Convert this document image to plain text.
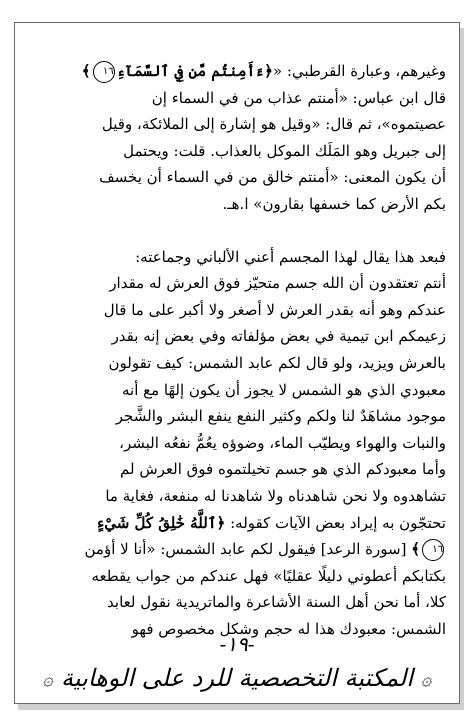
وغيرهم، وعبارة القرطبي: «﴿ءَأَمِنتُم مَّن فِي ٱلسَّمَآءِ١٦﴾
قال ابن عباس: «أمنتم عذاب من في السماء إن
عصيتموه»، ثم قال: «وقيل هو إشارة إلى الملائكة، وقيل
إلى جبريل وهو المَلَك الموكل بالعذاب. قلت: ويحتمل
أن يكون المعنى: «أمنتم خالق من في السماء أن يخسف
بكم الأرض كما خسفها بقارون» ا.هـ.

فبعد هذا يقال لهذا المجسم أعني الألباني وجماعته:
أنتم تعتقدون أن الله جسم متحيّز فوق العرش له مقدار
عندكم وهو أنه بقدر العرش لا أصغر ولا أكبر على ما قال
زعيمكم ابن تيمية في بعض مؤلفاته وفي بعض إنه بقدر
بالعرش ويزيد، ولو قال لكم عابد الشمس: كيف تقولون
معبودي الذي هو الشمس لا يجوز أن يكون إلهًا مع أنه
موجود مشاهَدٌ لنا ولكم وكثير النفع ينفع البشر والشَّجر
والنبات والهواء ويطيّب الماء، وضوؤه يعُمُّ نفعُه البشر،
وأما معبودكم الذي هو جسم تخيلتموه فوق العرش لم
تشاهدوه ولا نحن شاهدناه ولا شاهدنا له منفعة، فغاية ما
تحتجّون به إيراد بعض الآيات كقوله: ﴿ٱللَّهُ خَٰلِقُ كُلِّ شَيْءٍ
١٦﴾ [سورة الرعد] فيقول لكم عابد الشمس: «أنا لا أؤمن
بكتابكم أعطوني دليلًا عقليًا» فهل عندكم من جواب يقطعه
كلا، أما نحن أهل السنة الأشاعرة والماتريدية نقول لعابد
الشمس: معبودك هذا له حجم وشكل مخصوص فهو

-١٩-
۞المكتبة التخصصية للرد على الوهابية۞
